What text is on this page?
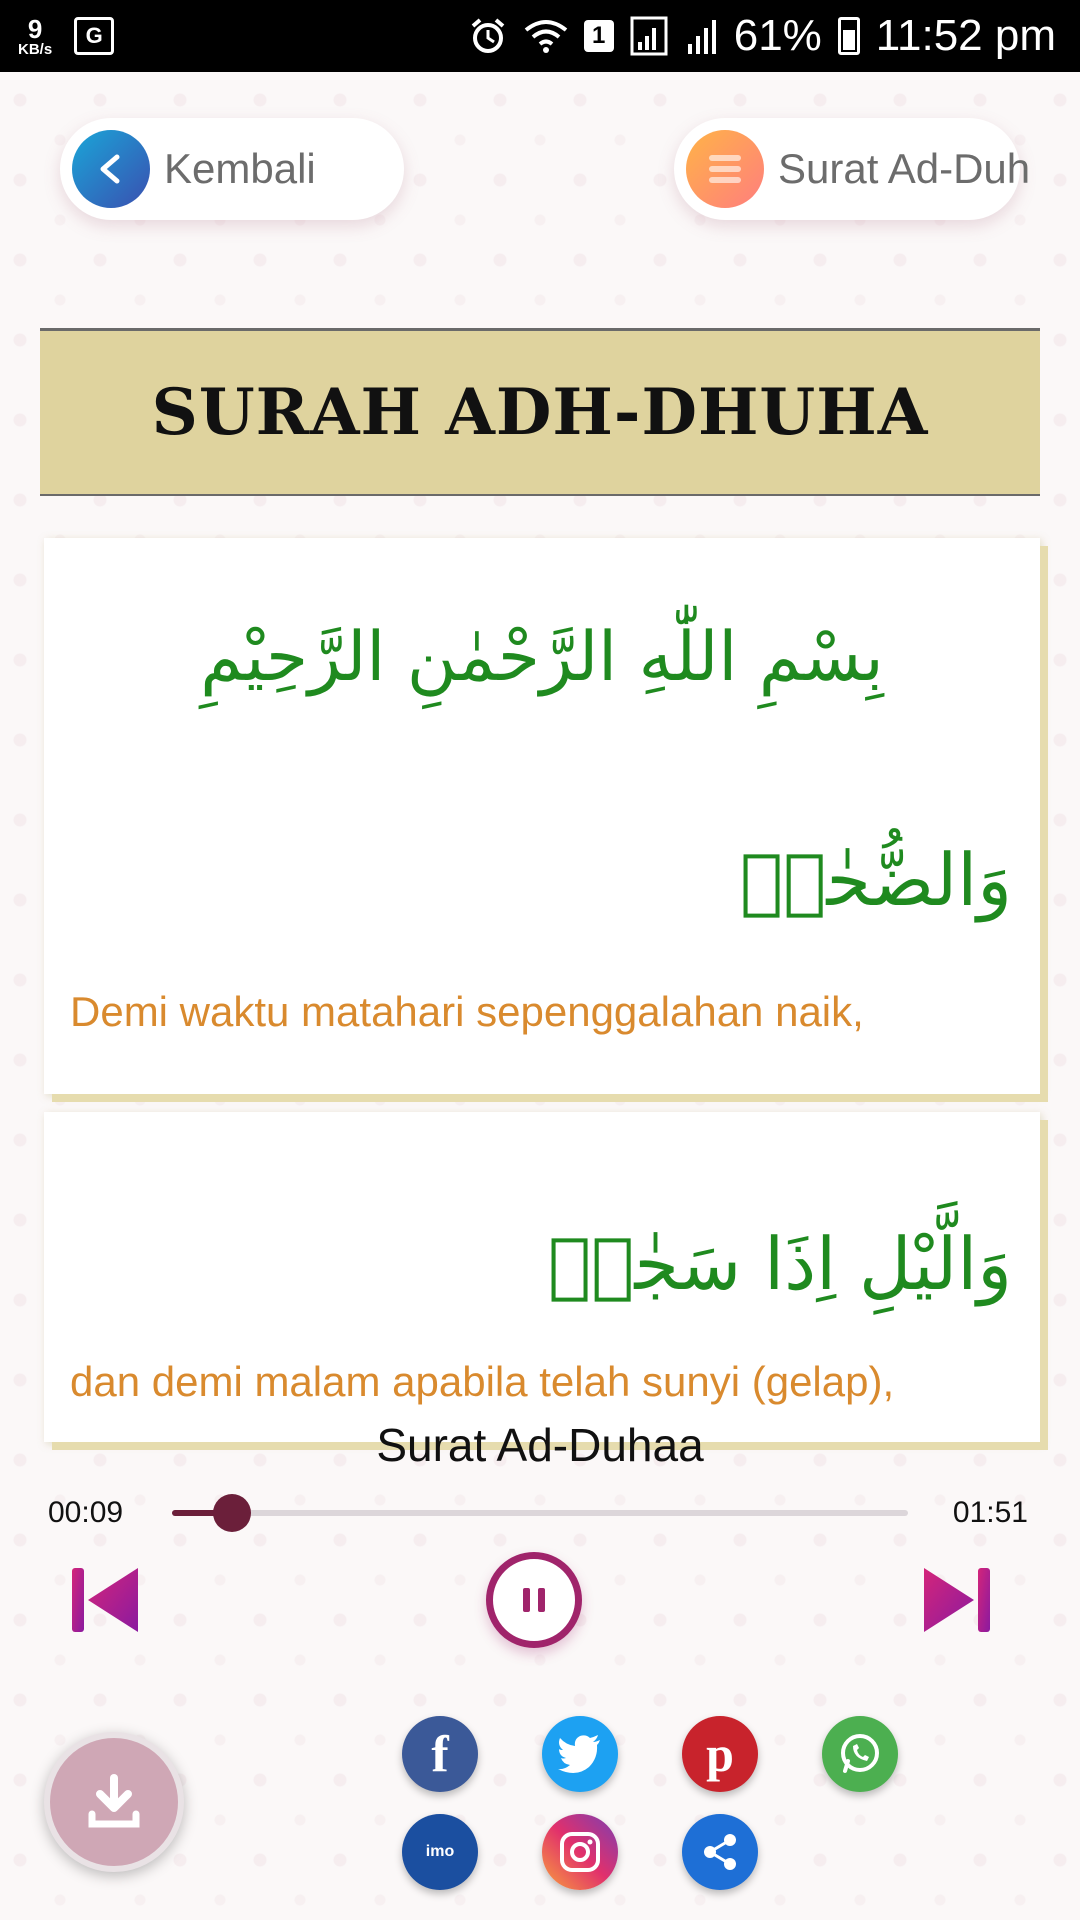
9
KB/s
G	1	61% 11:52 pm
Kembali	Surat Ad-Duh
SURAH ADH-DHUHA
بِسْمِ اللّٰهِ الرَّحْمٰنِ الرَّحِيْمِ
وَالضُّحٰىۙ
Demi waktu matahari sepenggalahan naik,
وَالَّيْلِ اِذَا سَجٰىۙ
dan demi malam apabila telah sunyi (gelap),
Surat Ad-Duhaa
00:09	01:51
f	p
imo
